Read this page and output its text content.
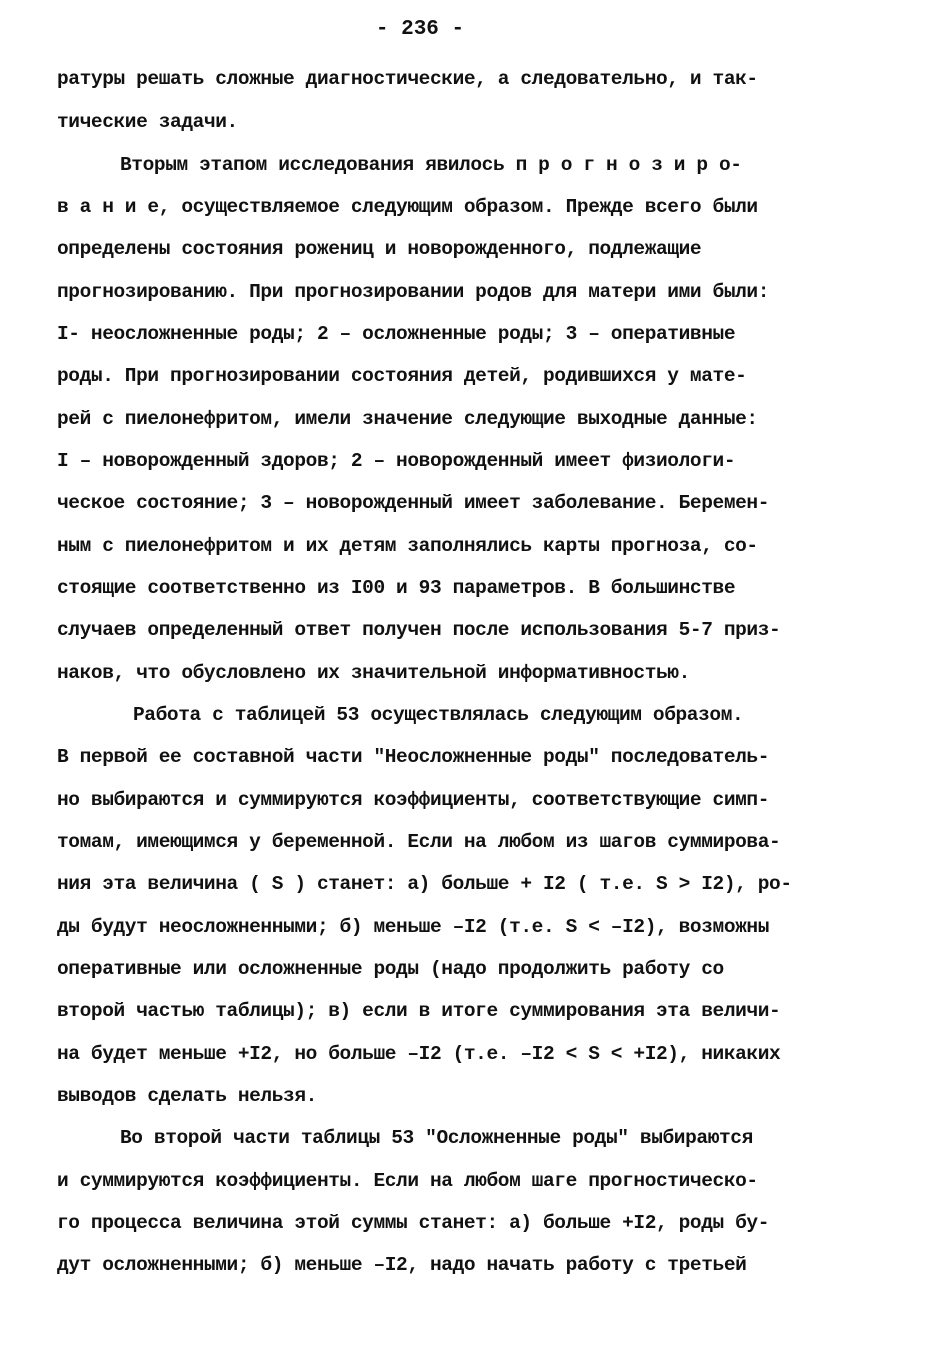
- 236 -
ратуры решать сложные диагностические, а следовательно, и так-
тические задачи.
Вторым этапом исследования явилось п р о г н о з и р о-
в а н и е, осуществляемое следующим образом. Прежде всего были
определены состояния рожениц и новорожденного, подлежащие
прогнозированию. При прогнозировании родов для матери ими были:
I- неосложненные роды; 2 – осложненные роды; 3 – оперативные
роды. При прогнозировании состояния детей, родившихся у мате-
рей с пиелонефритом, имели значение следующие выходные данные:
I – новорожденный здоров; 2 – новорожденный имеет физиологи-
ческое состояние; 3 – новорожденный имеет заболевание. Беремен-
ным с пиелонефритом и их детям заполнялись карты прогноза, со-
стоящие соответственно из I00 и 93 параметров. В большинстве
случаев определенный ответ получен после использования 5-7 приз-
наков, что обусловлено их значительной информативностью.
Работа с таблицей 53 осуществлялась следующим образом.
В первой ее составной части "Неосложненные роды" последователь-
но выбираются и суммируются коэффициенты, соответствующие симп-
томам, имеющимся у беременной. Если на любом из шагов суммирова-
ния эта величина ( S ) станет: а) больше + I2 ( т.е. S > I2), ро-
ды будут неосложненными; б) меньше –I2 (т.е. S < –I2), возможны
оперативные или осложненные роды (надо продолжить работу со
второй частью таблицы); в) если в итоге суммирования эта величи-
на будет меньше +I2, но больше –I2 (т.е. –I2 < S < +I2), никаких
выводов сделать нельзя.
Во второй части таблицы 53 "Осложненные роды" выбираются
и суммируются коэффициенты. Если на любом шаге прогностическо-
го процесса величина этой суммы станет: а) больше +I2, роды бу-
дут осложненными; б) меньше –I2, надо начать работу с третьей
